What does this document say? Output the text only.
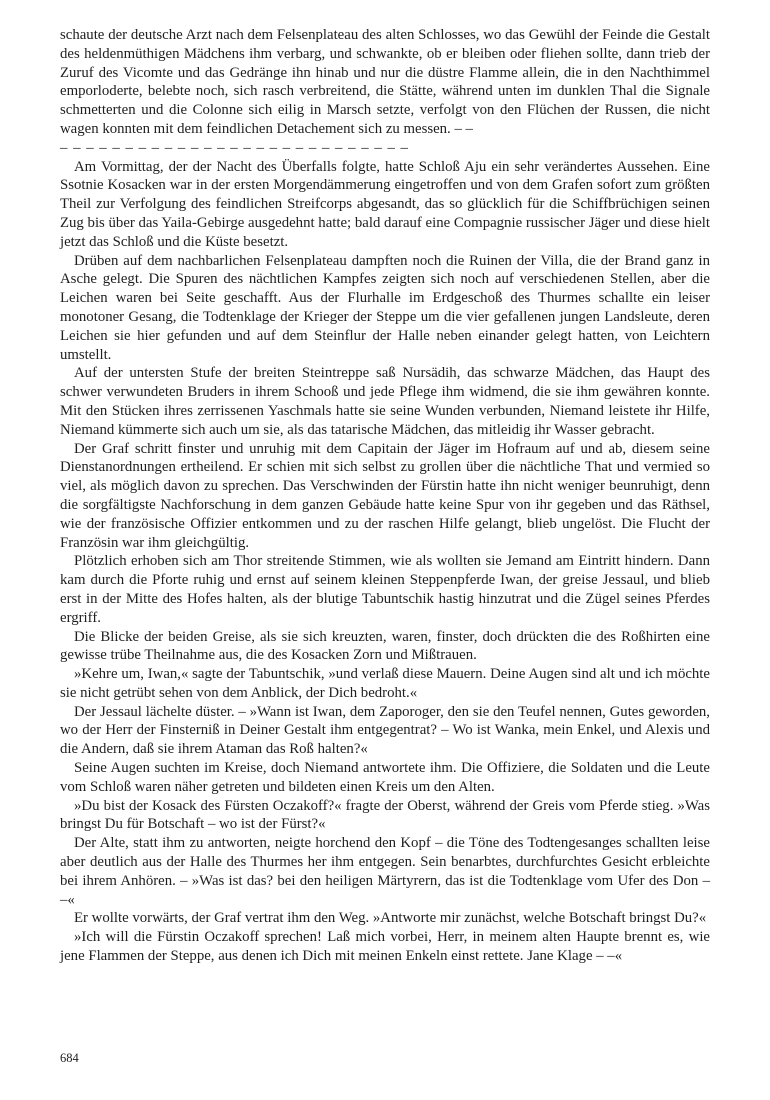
schaute der deutsche Arzt nach dem Felsenplateau des alten Schlosses, wo das Gewühl der Feinde die Gestalt des heldenmüthigen Mädchens ihm verbarg, und schwankte, ob er bleiben oder fliehen sollte, dann trieb der Zuruf des Vicomte und das Gedränge ihn hinab und nur die düstre Flamme allein, die in den Nachthimmel emporloderte, belebte noch, sich rasch verbreitend, die Stätte, während unten im dunklen Thal die Signale schmetterten und die Colonne sich eilig in Marsch setzte, verfolgt von den Flüchen der Russen, die nicht wagen konnten mit dem feindlichen Detachement sich zu messen. – –

– – – – – – – – – – – – – – – – – – – – – – – – – – –

Am Vormittag, der der Nacht des Überfalls folgte, hatte Schloß Aju ein sehr verändertes Aussehen. Eine Ssotnie Kosacken war in der ersten Morgendämmerung eingetroffen und von dem Grafen sofort zum größten Theil zur Verfolgung des feindlichen Streifcorps abgesandt, das so glücklich für die Schiffbrüchigen seinen Zug bis über das Yaila-Gebirge ausgedehnt hatte; bald darauf eine Compagnie russischer Jäger und diese hielt jetzt das Schloß und die Küste besetzt.

Drüben auf dem nachbarlichen Felsenplateau dampften noch die Ruinen der Villa, die der Brand ganz in Asche gelegt. Die Spuren des nächtlichen Kampfes zeigten sich noch auf verschiedenen Stellen, aber die Leichen waren bei Seite geschafft. Aus der Flurhalle im Erdgeschoß des Thurmes schallte ein leiser monotoner Gesang, die Todtenklage der Krieger der Steppe um die vier gefallenen jungen Landsleute, deren Leichen sie hier gefunden und auf dem Steinflur der Halle neben einander gelegt hatten, von Leichtern umstellt.

Auf der untersten Stufe der breiten Steintreppe saß Nursädih, das schwarze Mädchen, das Haupt des schwer verwundeten Bruders in ihrem Schooß und jede Pflege ihm widmend, die sie ihm gewähren konnte. Mit den Stücken ihres zerrissenen Yaschmals hatte sie seine Wunden verbunden, Niemand leistete ihr Hilfe, Niemand kümmerte sich auch um sie, als das tatarische Mädchen, das mitleidig ihr Wasser gebracht.

Der Graf schritt finster und unruhig mit dem Capitain der Jäger im Hofraum auf und ab, diesem seine Dienstanordnungen ertheilend. Er schien mit sich selbst zu grollen über die nächtliche That und vermied so viel, als möglich davon zu sprechen. Das Verschwinden der Fürstin hatte ihn nicht weniger beunruhigt, denn die sorgfältigste Nachforschung in dem ganzen Gebäude hatte keine Spur von ihr gegeben und das Räthsel, wie der französische Offizier entkommen und zu der raschen Hilfe gelangt, blieb ungelöst. Die Flucht der Französin war ihm gleichgültig.

Plötzlich erhoben sich am Thor streitende Stimmen, wie als wollten sie Jemand am Eintritt hindern. Dann kam durch die Pforte ruhig und ernst auf seinem kleinen Steppenpferde Iwan, der greise Jessaul, und blieb erst in der Mitte des Hofes halten, als der blutige Tabuntschik hastig hinzutrat und die Zügel seines Pferdes ergriff.

Die Blicke der beiden Greise, als sie sich kreuzten, waren, finster, doch drückten die des Roßhirten eine gewisse trübe Theilnahme aus, die des Kosacken Zorn und Mißtrauen.

»Kehre um, Iwan,« sagte der Tabuntschik, »und verlaß diese Mauern. Deine Augen sind alt und ich möchte sie nicht getrübt sehen von dem Anblick, der Dich bedroht.«

Der Jessaul lächelte düster. – »Wann ist Iwan, dem Zaporoger, den sie den Teufel nennen, Gutes geworden, wo der Herr der Finsterniß in Deiner Gestalt ihm entgegentrat? – Wo ist Wanka, mein Enkel, und Alexis und die Andern, daß sie ihrem Ataman das Roß halten?«

Seine Augen suchten im Kreise, doch Niemand antwortete ihm. Die Offiziere, die Soldaten und die Leute vom Schloß waren näher getreten und bildeten einen Kreis um den Alten.

»Du bist der Kosack des Fürsten Oczakoff?« fragte der Oberst, während der Greis vom Pferde stieg. »Was bringst Du für Botschaft – wo ist der Fürst?«

Der Alte, statt ihm zu antworten, neigte horchend den Kopf – die Töne des Todtengesanges schallten leise aber deutlich aus der Halle des Thurmes her ihm entgegen. Sein benarbtes, durchfurchtes Gesicht erbleichte bei ihrem Anhören. – »Was ist das? bei den heiligen Märtyrern, das ist die Todtenklage vom Ufer des Don – –«

Er wollte vorwärts, der Graf vertrat ihm den Weg. »Antworte mir zunächst, welche Botschaft bringst Du?«

»Ich will die Fürstin Oczakoff sprechen! Laß mich vorbei, Herr, in meinem alten Haupte brennt es, wie jene Flammen der Steppe, aus denen ich Dich mit meinen Enkeln einst rettete. Jane Klage – –«

684
